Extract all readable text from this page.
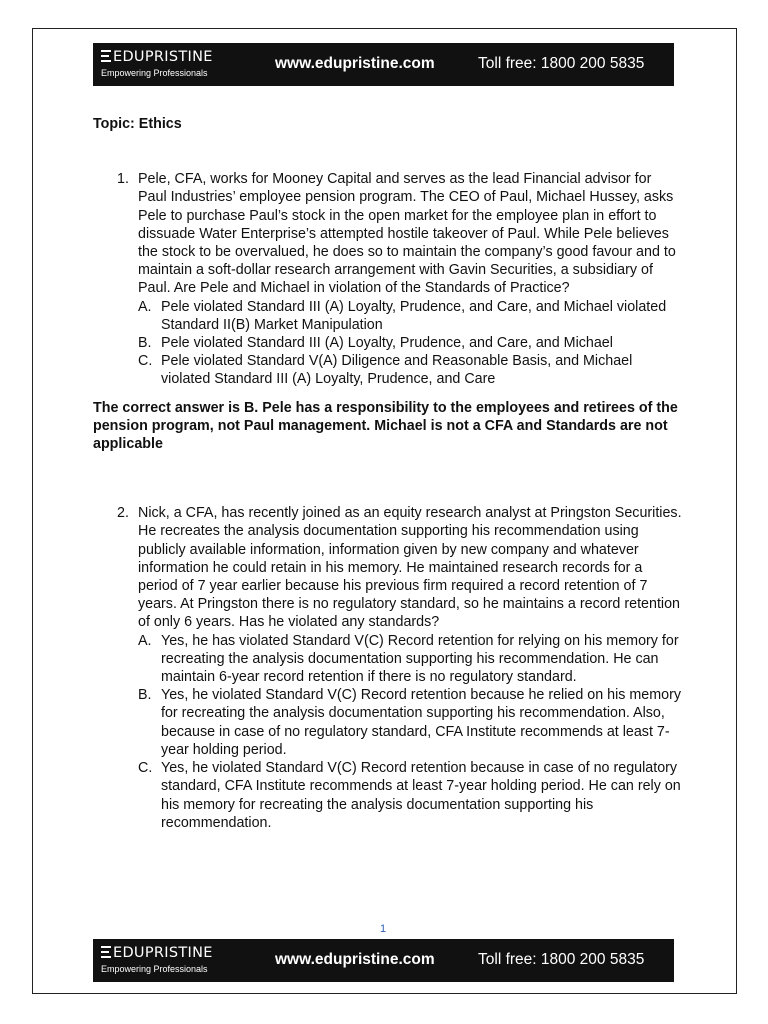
EDUPRISTINE
Empowering Professionals
www.edupristine.com	Toll free: 1800 200 5835

Topic: Ethics

1. Pele, CFA, works for Mooney Capital and serves as the lead Financial advisor for Paul Industries’ employee pension program. The CEO of Paul, Michael Hussey, asks Pele to purchase Paul’s stock in the open market for the employee plan in effort to dissuade Water Enterprise’s attempted hostile takeover of Paul. While Pele believes the stock to be overvalued, he does so to maintain the company’s good favour and to maintain a soft-dollar research arrangement with Gavin Securities, a subsidiary of Paul. Are Pele and Michael in violation of the Standards of Practice?

A. Pele violated Standard III (A) Loyalty, Prudence, and Care, and Michael violated Standard II(B) Market Manipulation
B. Pele violated Standard III (A) Loyalty, Prudence, and Care, and Michael
C. Pele violated Standard V(A) Diligence and Reasonable Basis, and Michael violated Standard III (A) Loyalty, Prudence, and Care

The correct answer is B. Pele has a responsibility to the employees and retirees of the pension program, not Paul management. Michael is not a CFA and Standards are not applicable

2. Nick, a CFA, has recently joined as an equity research analyst at Pringston Securities. He recreates the analysis documentation supporting his recommendation using publicly available information, information given by new company and whatever information he could retain in his memory. He maintained research records for a period of 7 year earlier because his previous firm required a record retention of 7 years. At Pringston there is no regulatory standard, so he maintains a record retention of only 6 years. Has he violated any standards?

A. Yes, he has violated Standard V(C) Record retention for relying on his memory for recreating the analysis documentation supporting his recommendation. He can maintain 6-year record retention if there is no regulatory standard.
B. Yes, he violated Standard V(C) Record retention because he relied on his memory for recreating the analysis documentation supporting his recommendation. Also, because in case of no regulatory standard, CFA Institute recommends at least 7-year holding period.
C. Yes, he violated Standard V(C) Record retention because in case of no regulatory standard, CFA Institute recommends at least 7-year holding period. He can rely on his memory for recreating the analysis documentation supporting his recommendation.
1
EDUPRISTINE
Empowering Professionals
www.edupristine.com	Toll free: 1800 200 5835
